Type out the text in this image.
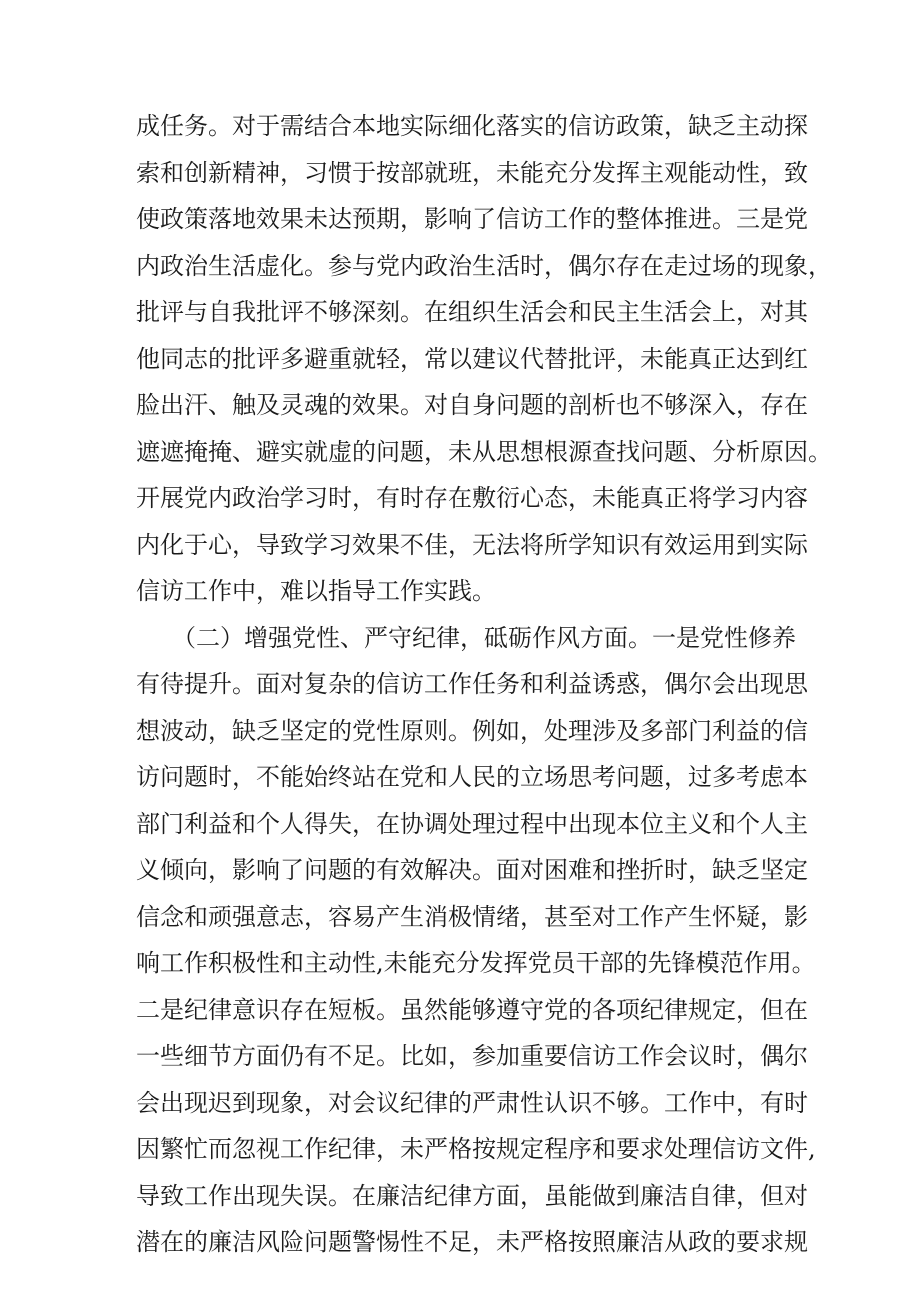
成任务。对于需结合本地实际细化落实的信访政策，缺乏主动探
索和创新精神，习惯于按部就班，未能充分发挥主观能动性，致
使政策落地效果未达预期，影响了信访工作的整体推进。三是党
内政治生活虚化。参与党内政治生活时，偶尔存在走过场的现象，
批评与自我批评不够深刻。在组织生活会和民主生活会上，对其
他同志的批评多避重就轻，常以建议代替批评，未能真正达到红
脸出汗、触及灵魂的效果。对自身问题的剖析也不够深入，存在
遮遮掩掩、避实就虚的问题，未从思想根源查找问题、分析原因。
开展党内政治学习时，有时存在敷衍心态，未能真正将学习内容
内化于心，导致学习效果不佳，无法将所学知识有效运用到实际
信访工作中，难以指导工作实践。
（二）增强党性、严守纪律，砥砺作风方面。一是党性修养
有待提升。面对复杂的信访工作任务和利益诱惑，偶尔会出现思
想波动，缺乏坚定的党性原则。例如，处理涉及多部门利益的信
访问题时，不能始终站在党和人民的立场思考问题，过多考虑本
部门利益和个人得失，在协调处理过程中出现本位主义和个人主
义倾向，影响了问题的有效解决。面对困难和挫折时，缺乏坚定
信念和顽强意志，容易产生消极情绪，甚至对工作产生怀疑，影
响工作积极性和主动性,未能充分发挥党员干部的先锋模范作用。
二是纪律意识存在短板。虽然能够遵守党的各项纪律规定，但在
一些细节方面仍有不足。比如，参加重要信访工作会议时，偶尔
会出现迟到现象，对会议纪律的严肃性认识不够。工作中，有时
因繁忙而忽视工作纪律，未严格按规定程序和要求处理信访文件,
导致工作出现失误。在廉洁纪律方面，虽能做到廉洁自律，但对
潜在的廉洁风险问题警惕性不足，未严格按照廉洁从政的要求规
